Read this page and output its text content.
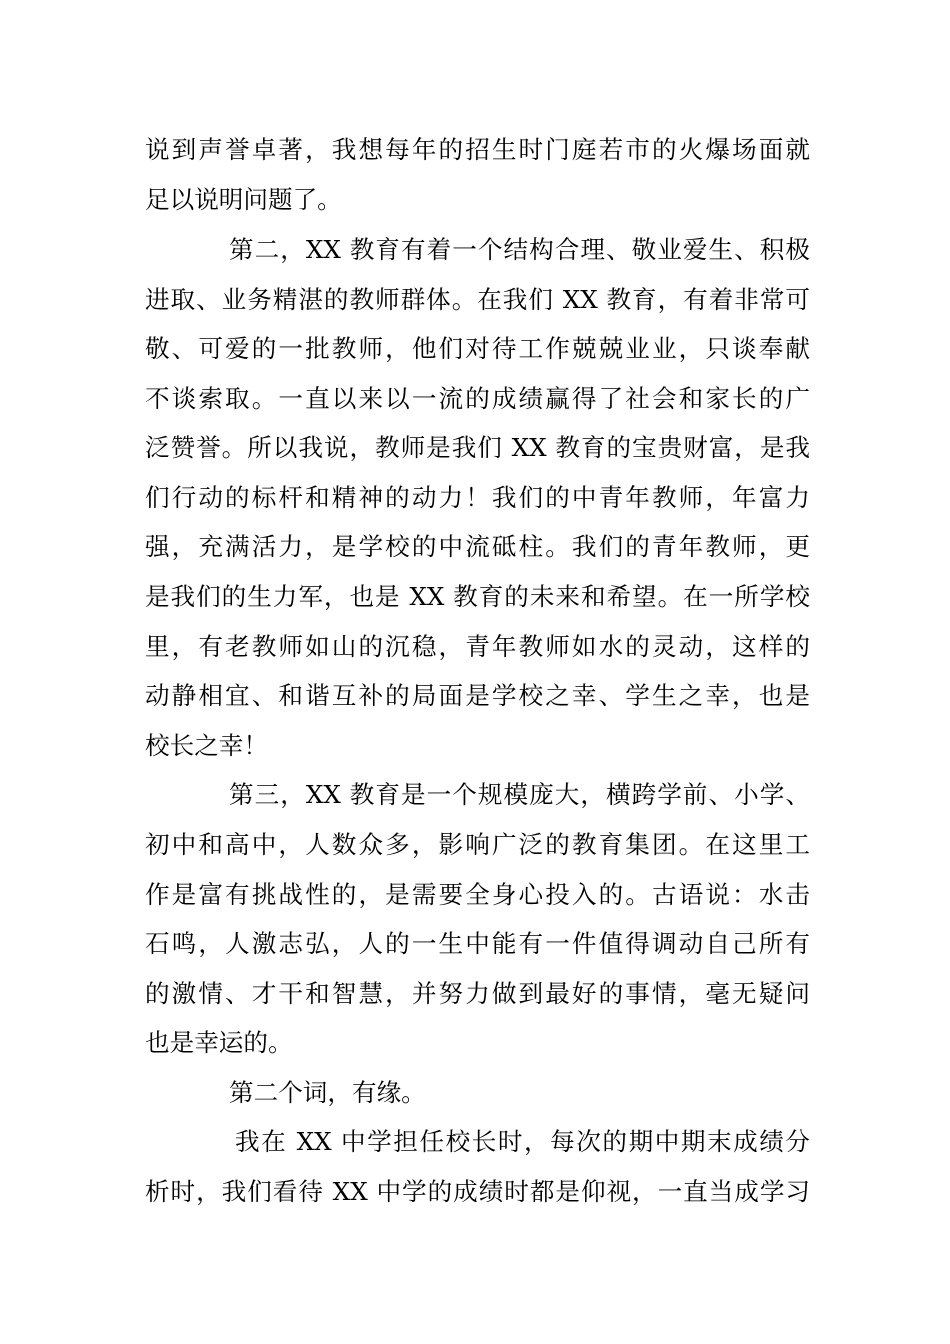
说到声誉卓著，我想每年的招生时门庭若市的火爆场面就

足以说明问题了。

第二，XX 教育有着一个结构合理、敬业爱生、积极

进取、业务精湛的教师群体。在我们 XX 教育，有着非常可

敬、可爱的一批教师，他们对待工作兢兢业业，只谈奉献

不谈索取。一直以来以一流的成绩赢得了社会和家长的广

泛赞誉。所以我说，教师是我们 XX 教育的宝贵财富，是我

们行动的标杆和精神的动力！我们的中青年教师，年富力

强，充满活力，是学校的中流砥柱。我们的青年教师，更

是我们的生力军，也是 XX 教育的未来和希望。在一所学校

里，有老教师如山的沉稳，青年教师如水的灵动，这样的

动静相宜、和谐互补的局面是学校之幸、学生之幸，也是

校长之幸！

第三，XX 教育是一个规模庞大，横跨学前、小学、

初中和高中，人数众多，影响广泛的教育集团。在这里工

作是富有挑战性的，是需要全身心投入的。古语说：水击

石鸣，人激志弘，人的一生中能有一件值得调动自己所有

的激情、才干和智慧，并努力做到最好的事情，毫无疑问

也是幸运的。

第二个词，有缘。

我在 XX 中学担任校长时，每次的期中期末成绩分

析时，我们看待 XX 中学的成绩时都是仰视，一直当成学习
